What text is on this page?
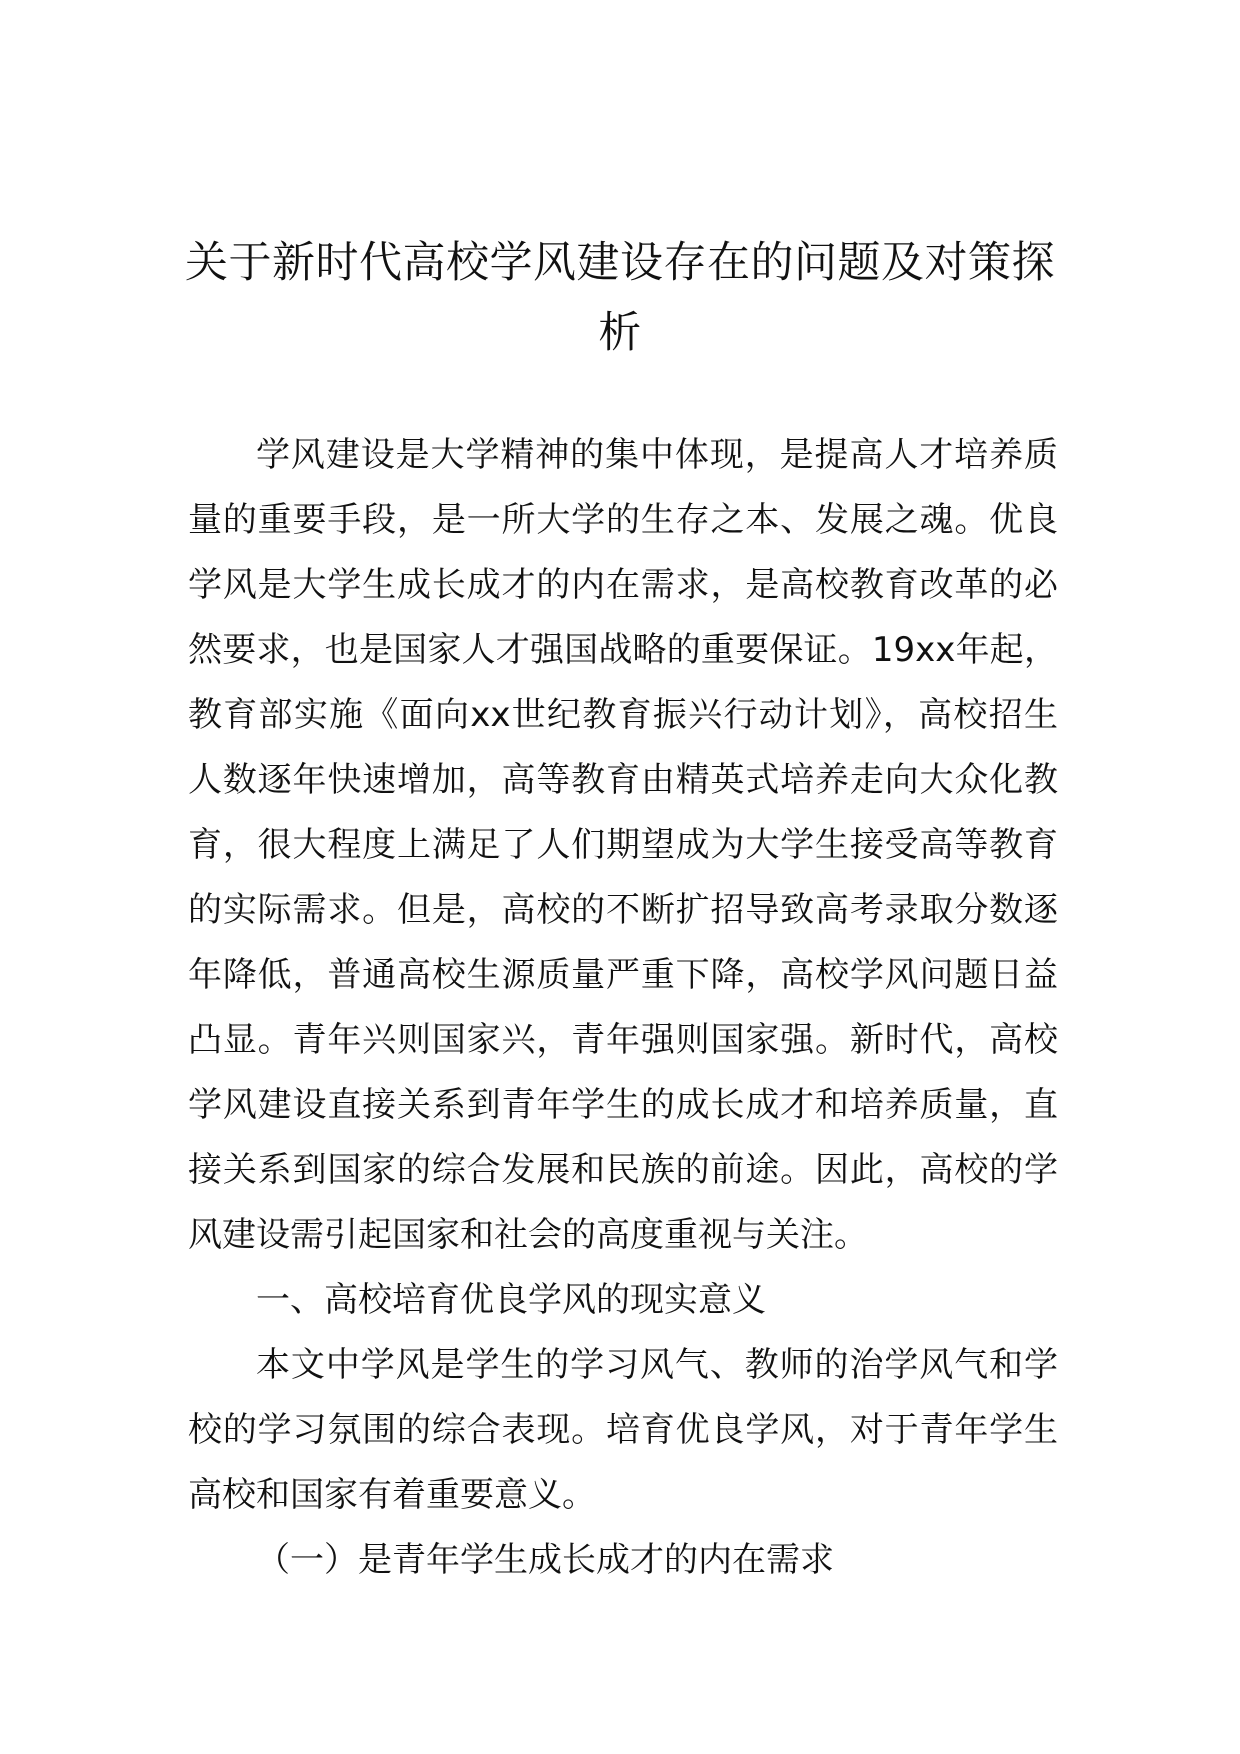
关于新时代高校学风建设存在的问题及对策探析

学风建设是大学精神的集中体现，是提高人才培养质量的重要手段，是一所大学的生存之本、发展之魂。优良学风是大学生成长成才的内在需求，是高校教育改革的必然要求，也是国家人才强国战略的重要保证。19xx年起，教育部实施《面向xx世纪教育振兴行动计划》，高校招生人数逐年快速增加，高等教育由精英式培养走向大众化教育，很大程度上满足了人们期望成为大学生接受高等教育的实际需求。但是，高校的不断扩招导致高考录取分数逐年降低，普通高校生源质量严重下降，高校学风问题日益凸显。青年兴则国家兴，青年强则国家强。新时代，高校学风建设直接关系到青年学生的成长成才和培养质量，直接关系到国家的综合发展和民族的前途。因此，高校的学风建设需引起国家和社会的高度重视与关注。

一、高校培育优良学风的现实意义

本文中学风是学生的学习风气、教师的治学风气和学校的学习氛围的综合表现。培育优良学风，对于青年学生高校和国家有着重要意义。

（一）是青年学生成长成才的内在需求
